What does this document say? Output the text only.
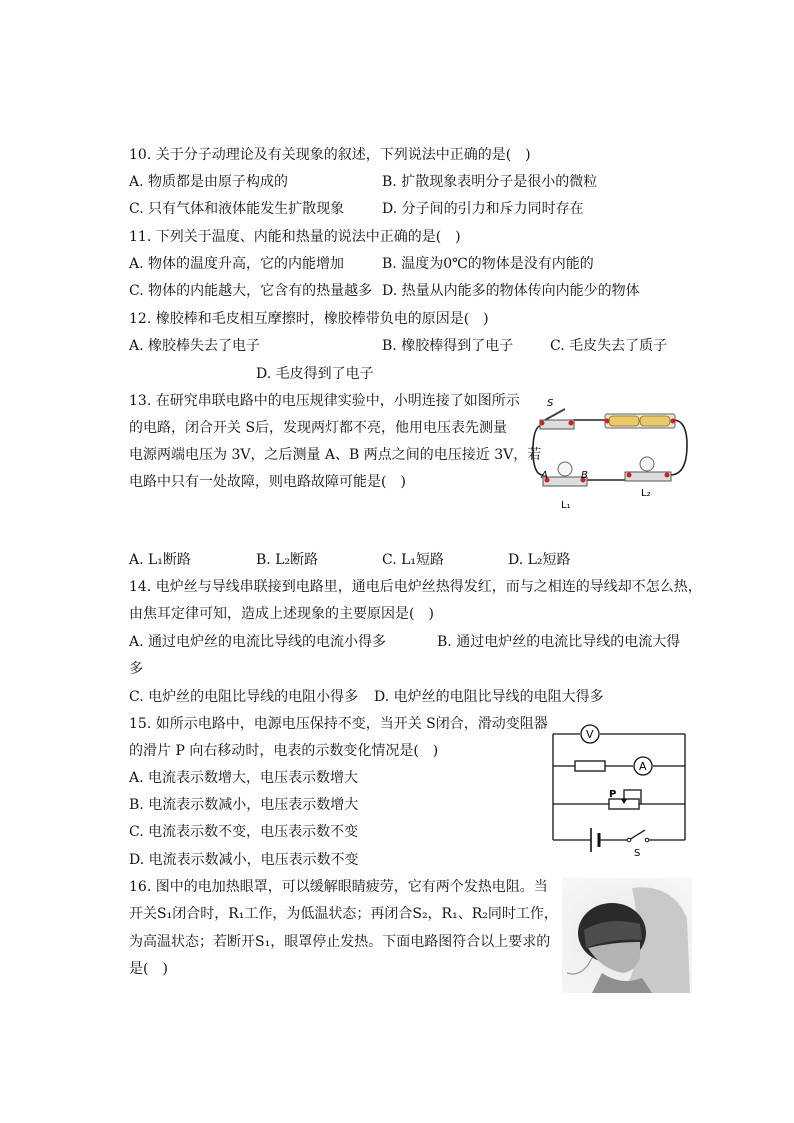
10. 关于分子动理论及有关现象的叙述，下列说法中正确的是(　)
A. 物质都是由原子构成的	B. 扩散现象表明分子是很小的微粒
C. 只有气体和液体能发生扩散现象	D. 分子间的引力和斥力同时存在
11. 下列关于温度、内能和热量的说法中正确的是(　)
A. 物体的温度升高，它的内能增加	B. 温度为0℃的物体是没有内能的
C. 物体的内能越大，它含有的热量越多 D. 热量从内能多的物体传向内能少的物体
12. 橡胶棒和毛皮相互摩擦时，橡胶棒带负电的原因是(　)
A. 橡胶棒失去了电子	B. 橡胶棒得到了电子	C. 毛皮失去了质子
D. 毛皮得到了电子
13. 在研究串联电路中的电压规律实验中，小明连接了如图所示
的电路，闭合开关 S后，发现两灯都不亮，他用电压表先测量
电源两端电压为 3V，之后测量 A、B 两点之间的电压接近 3V，若
电路中只有一处故障，则电路故障可能是(　)
S
A	B
L₁
L₂
A. L₁断路	B. L₂断路	C. L₁短路	D. L₂短路
14. 电炉丝与导线串联接到电路里，通电后电炉丝热得发红，而与之相连的导线却不怎么热，
由焦耳定律可知，造成上述现象的主要原因是(　)
A. 通过电炉丝的电流比导线的电流小得多	B. 通过电炉丝的电流比导线的电流大得
多
C. 电炉丝的电阻比导线的电阻小得多 D. 电炉丝的电阻比导线的电阻大得多
15. 如所示电路中，电源电压保持不变，当开关 S闭合，滑动变阻器
的滑片 P 向右移动时，电表的示数变化情况是(　)
A. 电流表示数增大，电压表示数增大
B. 电流表示数减小，电压表示数增大
C. 电流表示数不变，电压表示数不变
D. 电流表示数减小，电压表示数不变
V
A
P
S
16. 图中的电加热眼罩，可以缓解眼睛疲劳，它有两个发热电阻。当
开关S₁闭合时，R₁工作，为低温状态；再闭合S₂，R₁、R₂同时工作，
为高温状态；若断开S₁，眼罩停止发热。下面电路图符合以上要求的
是(　)
